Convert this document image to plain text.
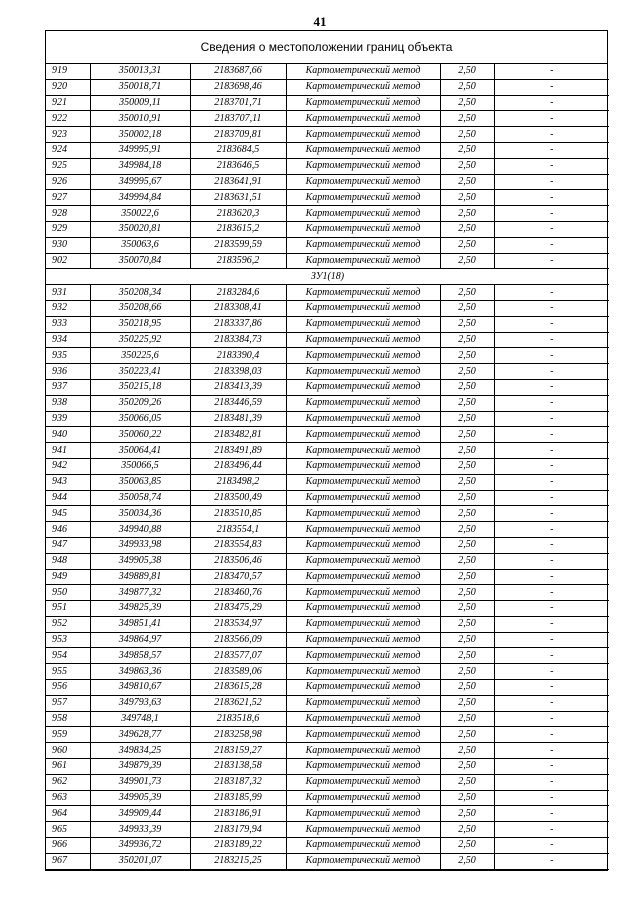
41
Сведения о местоположении границ объекта
919	350013,31	2183687,66	Картометрический метод	2,50	-
920	350018,71	2183698,46	Картометрический метод	2,50	-
921	350009,11	2183701,71	Картометрический метод	2,50	-
922	350010,91	2183707,11	Картометрический метод	2,50	-
923	350002,18	2183709,81	Картометрический метод	2,50	-
924	349995,91	2183684,5	Картометрический метод	2,50	-
925	349984,18	2183646,5	Картометрический метод	2,50	-
926	349995,67	2183641,91	Картометрический метод	2,50	-
927	349994,84	2183631,51	Картометрический метод	2,50	-
928	350022,6	2183620,3	Картометрический метод	2,50	-
929	350020,81	2183615,2	Картометрический метод	2,50	-
930	350063,6	2183599,59	Картометрический метод	2,50	-
902	350070,84	2183596,2	Картометрический метод	2,50	-
ЗУ1(18)					
931	350208,34	2183284,6	Картометрический метод	2,50	-
932	350208,66	2183308,41	Картометрический метод	2,50	-
933	350218,95	2183337,86	Картометрический метод	2,50	-
934	350225,92	2183384,73	Картометрический метод	2,50	-
935	350225,6	2183390,4	Картометрический метод	2,50	-
936	350223,41	2183398,03	Картометрический метод	2,50	-
937	350215,18	2183413,39	Картометрический метод	2,50	-
938	350209,26	2183446,59	Картометрический метод	2,50	-
939	350066,05	2183481,39	Картометрический метод	2,50	-
940	350060,22	2183482,81	Картометрический метод	2,50	-
941	350064,41	2183491,89	Картометрический метод	2,50	-
942	350066,5	2183496,44	Картометрический метод	2,50	-
943	350063,85	2183498,2	Картометрический метод	2,50	-
944	350058,74	2183500,49	Картометрический метод	2,50	-
945	350034,36	2183510,85	Картометрический метод	2,50	-
946	349940,88	2183554,1	Картометрический метод	2,50	-
947	349933,98	2183554,83	Картометрический метод	2,50	-
948	349905,38	2183506,46	Картометрический метод	2,50	-
949	349889,81	2183470,57	Картометрический метод	2,50	-
950	349877,32	2183460,76	Картометрический метод	2,50	-
951	349825,39	2183475,29	Картометрический метод	2,50	-
952	349851,41	2183534,97	Картометрический метод	2,50	-
953	349864,97	2183566,09	Картометрический метод	2,50	-
954	349858,57	2183577,07	Картометрический метод	2,50	-
955	349863,36	2183589,06	Картометрический метод	2,50	-
956	349810,67	2183615,28	Картометрический метод	2,50	-
957	349793,63	2183621,52	Картометрический метод	2,50	-
958	349748,1	2183518,6	Картометрический метод	2,50	-
959	349628,77	2183258,98	Картометрический метод	2,50	-
960	349834,25	2183159,27	Картометрический метод	2,50	-
961	349879,39	2183138,58	Картометрический метод	2,50	-
962	349901,73	2183187,32	Картометрический метод	2,50	-
963	349905,39	2183185,99	Картометрический метод	2,50	-
964	349909,44	2183186,91	Картометрический метод	2,50	-
965	349933,39	2183179,94	Картометрический метод	2,50	-
966	349936,72	2183189,22	Картометрический метод	2,50	-
967	350201,07	2183215,25	Картометрический метод	2,50	-
